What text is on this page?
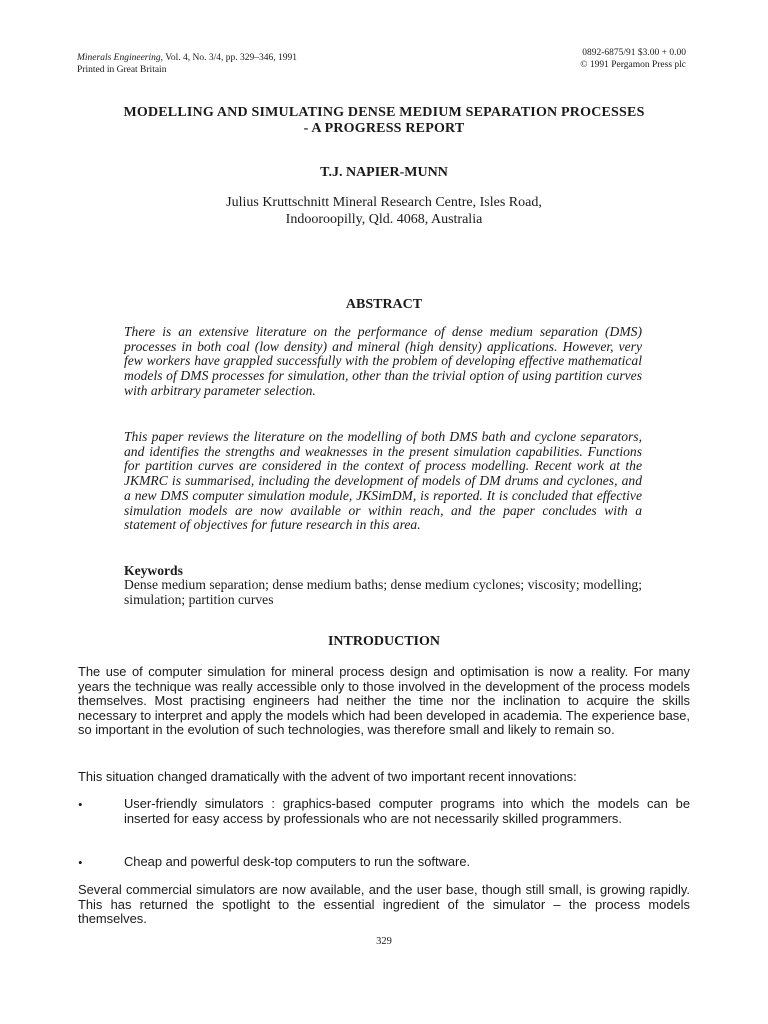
Minerals Engineering, Vol. 4, No. 3/4, pp. 329–346, 1991
Printed in Great Britain
0892-6875/91 $3.00 + 0.00
© 1991 Pergamon Press plc
MODELLING AND SIMULATING DENSE MEDIUM SEPARATION PROCESSES
- A PROGRESS REPORT
T.J. NAPIER-MUNN
Julius Kruttschnitt Mineral Research Centre, Isles Road,
Indooroopilly, Qld. 4068, Australia
ABSTRACT

There is an extensive literature on the performance of dense medium separation (DMS) processes in both coal (low density) and mineral (high density) applications. However, very few workers have grappled successfully with the problem of developing effective mathematical models of DMS processes for simulation, other than the trivial option of using partition curves with arbitrary parameter selection.

This paper reviews the literature on the modelling of both DMS bath and cyclone separators, and identifies the strengths and weaknesses in the present simulation capabilities. Functions for partition curves are considered in the context of process modelling. Recent work at the JKMRC is summarised, including the development of models of DM drums and cyclones, and a new DMS computer simulation module, JKSimDM, is reported. It is concluded that effective simulation models are now available or within reach, and the paper concludes with a statement of objectives for future research in this area.

Keywords

Dense medium separation; dense medium baths; dense medium cyclones; viscosity; modelling; simulation; partition curves

INTRODUCTION

The use of computer simulation for mineral process design and optimisation is now a reality. For many years the technique was really accessible only to those involved in the development of the process models themselves. Most practising engineers had neither the time nor the inclination to acquire the skills necessary to interpret and apply the models which had been developed in academia. The experience base, so important in the evolution of such technologies, was therefore small and likely to remain so.

This situation changed dramatically with the advent of two important recent innovations:

•	User-friendly simulators : graphics-based computer programs into which the models can be inserted for easy access by professionals who are not necessarily skilled programmers.

•	Cheap and powerful desk-top computers to run the software.

Several commercial simulators are now available, and the user base, though still small, is growing rapidly. This has returned the spotlight to the essential ingredient of the simulator – the process models themselves.

329
